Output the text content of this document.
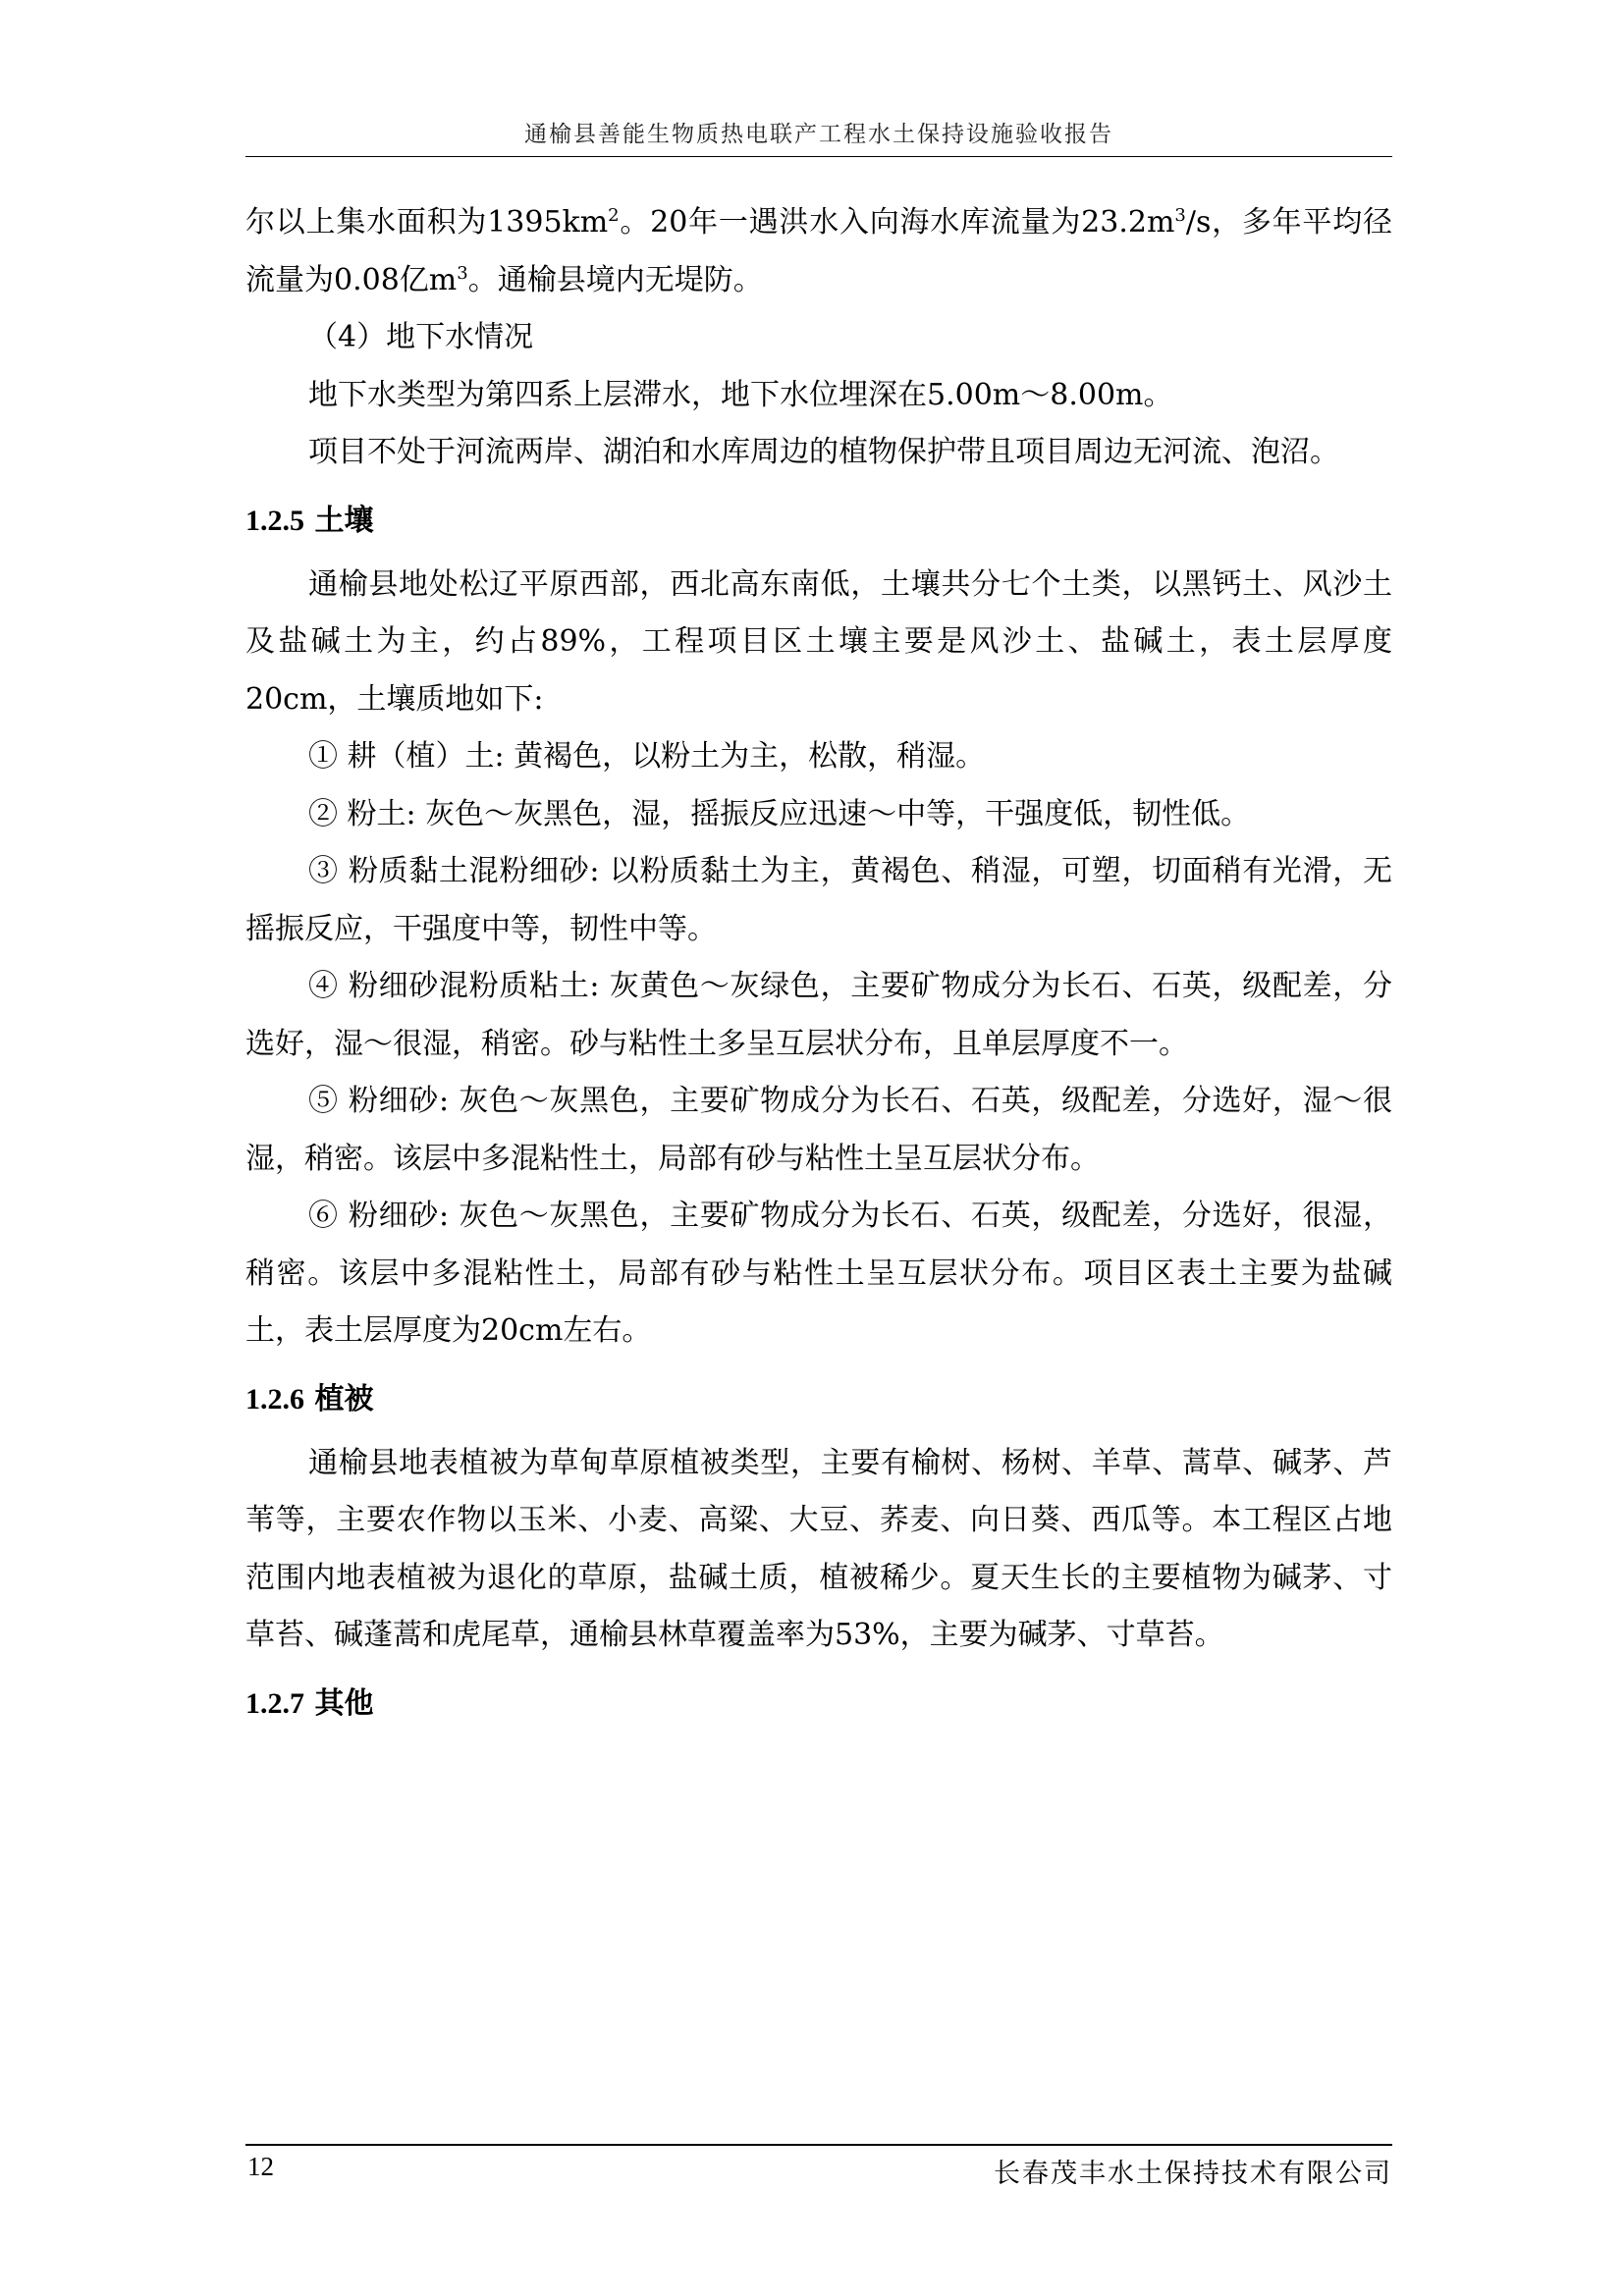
通榆县善能生物质热电联产工程水土保持设施验收报告

尔以上集水面积为$1395km^2$。20年一遇洪水入向海水库流量为$23.2m^3/s$，多年平均径流量为0.08亿$m^3$。通榆县境内无堤防。

（4）地下水情况

地下水类型为第四系上层滞水，地下水位埋深在5.00m～8.00m。

项目不处于河流两岸、湖泊和水库周边的植物保护带且项目周边无河流、泡沼。

1.2.5 土壤

通榆县地处松辽平原西部，西北高东南低，土壤共分七个土类，以黑钙土、风沙土及盐碱土为主，约占89%，工程项目区土壤主要是风沙土、盐碱土，表土层厚度20cm，土壤质地如下:

① 耕（植）土: 黄褐色，以粉土为主，松散，稍湿。

② 粉土: 灰色～灰黑色，湿，摇振反应迅速～中等，干强度低，韧性低。

③ 粉质黏土混粉细砂: 以粉质黏土为主，黄褐色、稍湿，可塑，切面稍有光滑，无摇振反应，干强度中等，韧性中等。

④ 粉细砂混粉质粘土: 灰黄色～灰绿色，主要矿物成分为长石、石英，级配差，分选好，湿～很湿，稍密。砂与粘性土多呈互层状分布，且单层厚度不一。

⑤ 粉细砂: 灰色～灰黑色，主要矿物成分为长石、石英，级配差，分选好，湿～很湿，稍密。该层中多混粘性土，局部有砂与粘性土呈互层状分布。

⑥ 粉细砂: 灰色～灰黑色，主要矿物成分为长石、石英，级配差，分选好，很湿，稍密。该层中多混粘性土，局部有砂与粘性土呈互层状分布。项目区表土主要为盐碱土，表土层厚度为20cm左右。

1.2.6 植被

通榆县地表植被为草甸草原植被类型，主要有榆树、杨树、羊草、蒿草、碱茅、芦苇等，主要农作物以玉米、小麦、高粱、大豆、荞麦、向日葵、西瓜等。本工程区占地范围内地表植被为退化的草原，盐碱土质，植被稀少。夏天生长的主要植物为碱茅、寸草苔、碱蓬蒿和虎尾草，通榆县林草覆盖率为53%，主要为碱茅、寸草苔。

1.2.7 其他
12	长春茂丰水土保持技术有限公司
